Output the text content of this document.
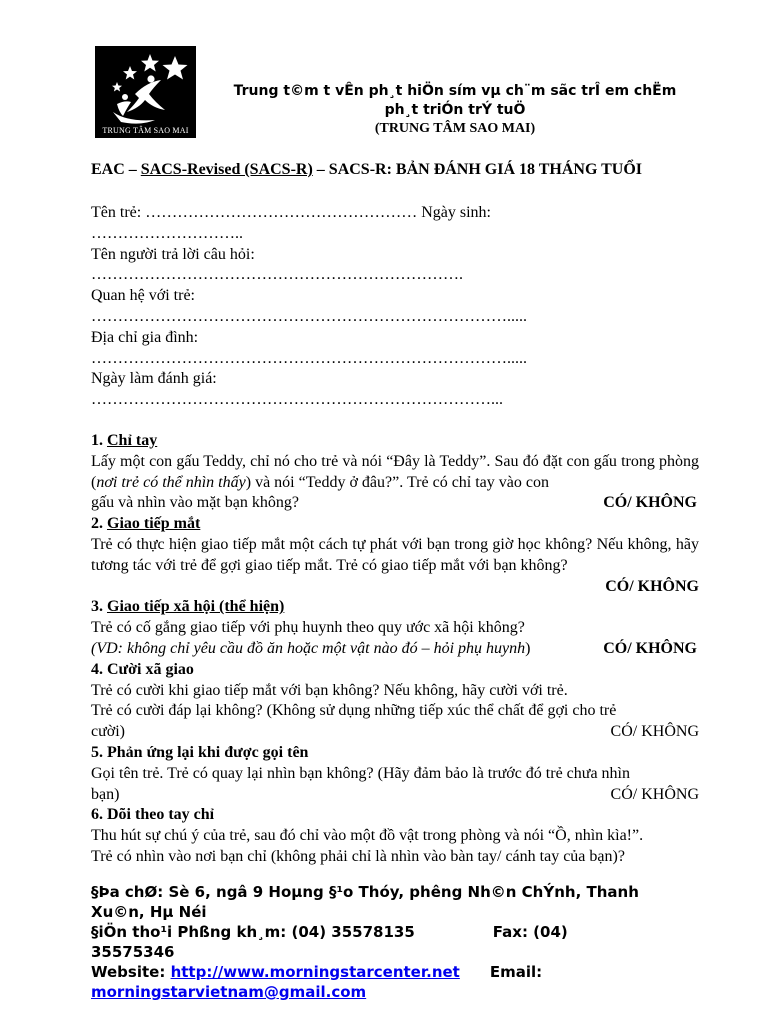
TRUNG TÂM SAO MAI
Trung t©m t vÊn ph¸t hiÖn sím vµ ch¨m sãc trÎ em chËm
ph¸t triÓn trÝ tuÖ
(TRUNG TÂM SAO MAI)
EAC – SACS-Revised (SACS-R) – SACS-R: BẢN ĐÁNH GIÁ 18 THÁNG TUỔI
Tên trẻ: …………………………………………… Ngày sinh:
………………………..
Tên người trả lời câu hỏi:
…………………………………………………………….
Quan hệ với trẻ:
…………………………………………………………………….....
Địa chỉ gia đình:
…………………………………………………………………….....
Ngày làm đánh giá:
…………………………………………………………………...
1. Chỉ tay
Lấy một con gấu Teddy, chỉ nó cho trẻ và nói “Đây là Teddy”. Sau đó đặt con gấu trong phòng (nơi trẻ có thể nhìn thấy) và nói “Teddy ở đâu?”. Trẻ có chỉ tay vào con
gấu và nhìn vào mặt bạn không?	CÓ/ KHÔNG
2. Giao tiếp mắt
Trẻ có thực hiện giao tiếp mắt một cách tự phát với bạn trong giờ học không? Nếu không, hãy tương tác với trẻ để gợi giao tiếp mắt. Trẻ có giao tiếp mắt với bạn không?
CÓ/ KHÔNG
3. Giao tiếp xã hội (thể hiện)
Trẻ có cố gắng giao tiếp với phụ huynh theo quy ước xã hội không?
(VD: không chỉ yêu cầu đồ ăn hoặc một vật nào đó – hỏi phụ huynh)	CÓ/ KHÔNG
4. Cười xã giao
Trẻ có cười khi giao tiếp mắt với bạn không? Nếu không, hãy cười với trẻ.
Trẻ có cười đáp lại không? (Không sử dụng những tiếp xúc thể chất để gợi cho trẻ
cười)	CÓ/ KHÔNG
5. Phản ứng lại khi được gọi tên
Gọi tên trẻ. Trẻ có quay lại nhìn bạn không? (Hãy đảm bảo là trước đó trẻ chưa nhìn
bạn)	CÓ/ KHÔNG
6. Dõi theo tay chỉ
Thu hút sự chú ý của trẻ, sau đó chỉ vào một đồ vật trong phòng và nói “Ồ, nhìn kìa!”.
Trẻ có nhìn vào nơi bạn chỉ (không phải chỉ là nhìn vào bàn tay/ cánh tay của bạn)?
§Þa chØ: Sè 6, ngâ 9 Hoµng §¹o Thóy, phêng Nh©n ChÝnh, Thanh
Xu©n, Hµ Néi
§iÖn tho¹i Phßng kh¸m: (04) 35578135	Fax: (04)
35575346
Website: http://www.morningstarcenter.net Email:
morningstarvietnam@gmail.com
